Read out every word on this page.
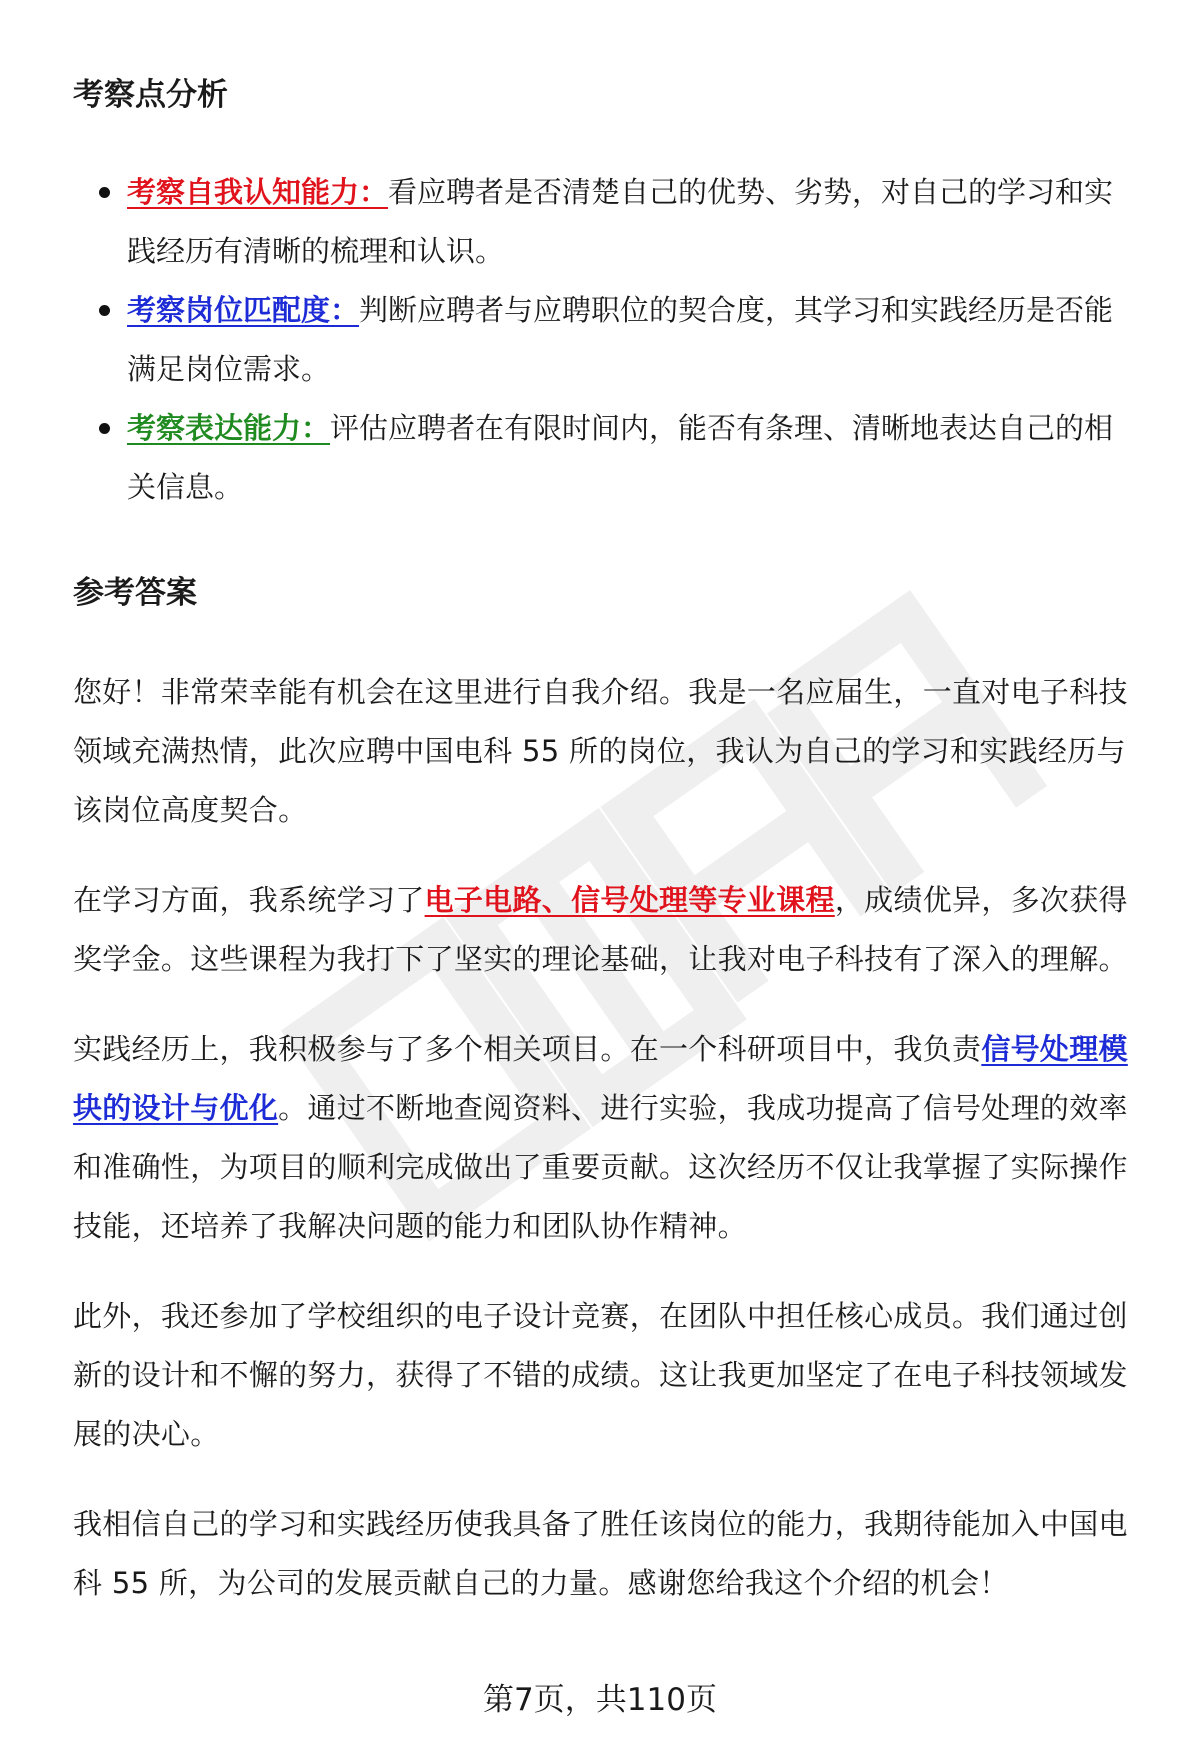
考察点分析
考察自我认知能力：看应聘者是否清楚自己的优势、劣势，对自己的学习和实践经历有清晰的梳理和认识。
考察岗位匹配度：判断应聘者与应聘职位的契合度，其学习和实践经历是否能满足岗位需求。
考察表达能力：评估应聘者在有限时间内，能否有条理、清晰地表达自己的相关信息。
参考答案

您好！非常荣幸能有机会在这里进行自我介绍。我是一名应届生，一直对电子科技领域充满热情，此次应聘中国电科 55 所的岗位，我认为自己的学习和实践经历与该岗位高度契合。

在学习方面，我系统学习了电子电路、信号处理等专业课程，成绩优异，多次获得奖学金。这些课程为我打下了坚实的理论基础，让我对电子科技有了深入的理解。

实践经历上，我积极参与了多个相关项目。在一个科研项目中，我负责信号处理模块的设计与优化。通过不断地查阅资料、进行实验，我成功提高了信号处理的效率和准确性，为项目的顺利完成做出了重要贡献。这次经历不仅让我掌握了实际操作技能，还培养了我解决问题的能力和团队协作精神。

此外，我还参加了学校组织的电子设计竞赛，在团队中担任核心成员。我们通过创新的设计和不懈的努力，获得了不错的成绩。这让我更加坚定了在电子科技领域发展的决心。

我相信自己的学习和实践经历使我具备了胜任该岗位的能力，我期待能加入中国电科 55 所，为公司的发展贡献自己的力量。感谢您给我这个介绍的机会！

第7页，共110页
